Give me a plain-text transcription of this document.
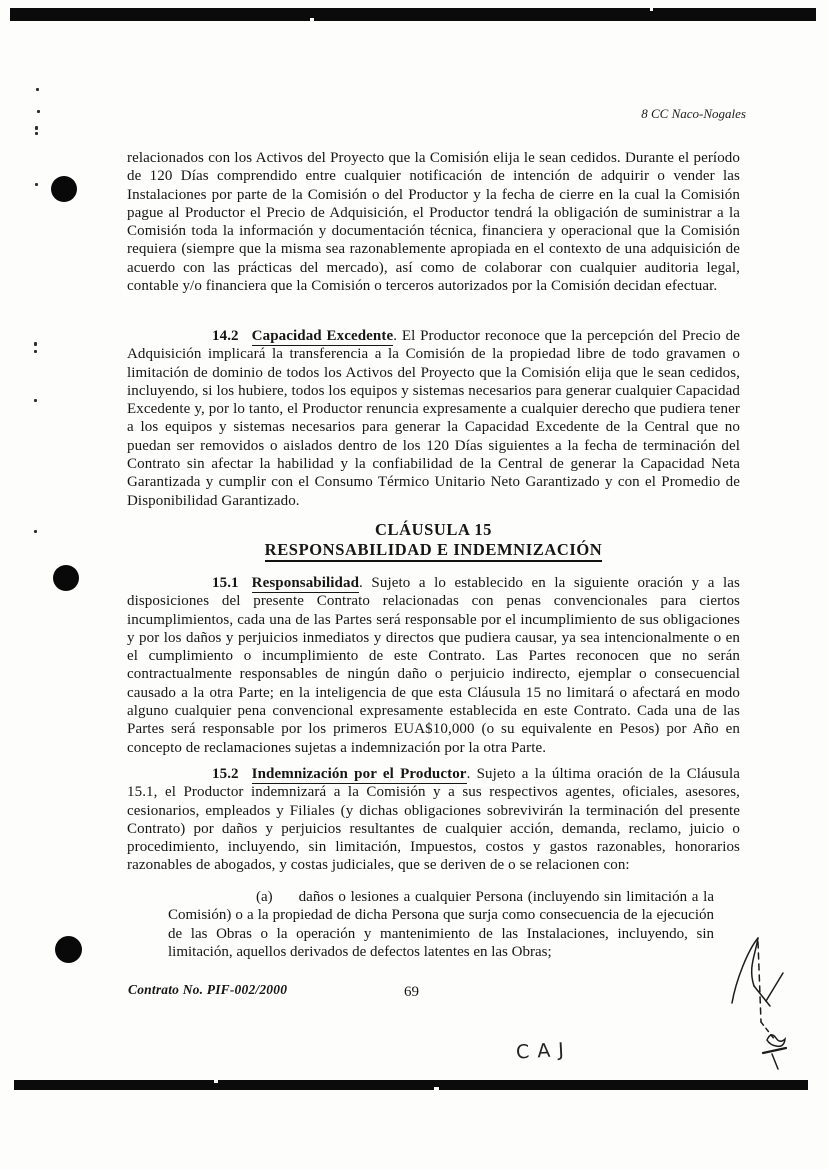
8 CC Naco-Nogales
relacionados con los Activos del Proyecto que la Comisión elija le sean cedidos. Durante el período de 120 Días comprendido entre cualquier notificación de intención de adquirir o vender las Instalaciones por parte de la Comisión o del Productor y la fecha de cierre en la cual la Comisión pague al Productor el Precio de Adquisición, el Productor tendrá la obligación de suministrar a la Comisión toda la información y documentación técnica, financiera y operacional que la Comisión requiera (siempre que la misma sea razonablemente apropiada en el contexto de una adquisición de acuerdo con las prácticas del mercado), así como de colaborar con cualquier auditoria legal, contable y/o financiera que la Comisión o terceros autorizados por la Comisión decidan efectuar.
14.2 Capacidad Excedente. El Productor reconoce que la percepción del Precio de Adquisición implicará la transferencia a la Comisión de la propiedad libre de todo gravamen o limitación de dominio de todos los Activos del Proyecto que la Comisión elija que le sean cedidos, incluyendo, si los hubiere, todos los equipos y sistemas necesarios para generar cualquier Capacidad Excedente y, por lo tanto, el Productor renuncia expresamente a cualquier derecho que pudiera tener a los equipos y sistemas necesarios para generar la Capacidad Excedente de la Central que no puedan ser removidos o aislados dentro de los 120 Días siguientes a la fecha de terminación del Contrato sin afectar la habilidad y la confiabilidad de la Central de generar la Capacidad Neta Garantizada y cumplir con el Consumo Térmico Unitario Neto Garantizado y con el Promedio de Disponibilidad Garantizado.
CLÁUSULA 15
RESPONSABILIDAD E INDEMNIZACIÓN
15.1 Responsabilidad. Sujeto a lo establecido en la siguiente oración y a las disposiciones del presente Contrato relacionadas con penas convencionales para ciertos incumplimientos, cada una de las Partes será responsable por el incumplimiento de sus obligaciones y por los daños y perjuicios inmediatos y directos que pudiera causar, ya sea intencionalmente o en el cumplimiento o incumplimiento de este Contrato. Las Partes reconocen que no serán contractualmente responsables de ningún daño o perjuicio indirecto, ejemplar o consecuencial causado a la otra Parte; en la inteligencia de que esta Cláusula 15 no limitará o afectará en modo alguno cualquier pena convencional expresamente establecida en este Contrato. Cada una de las Partes será responsable por los primeros EUA$10,000 (o su equivalente en Pesos) por Año en concepto de reclamaciones sujetas a indemnización por la otra Parte.
15.2 Indemnización por el Productor. Sujeto a la última oración de la Cláusula 15.1, el Productor indemnizará a la Comisión y a sus respectivos agentes, oficiales, asesores, cesionarios, empleados y Filiales (y dichas obligaciones sobrevivirán la terminación del presente Contrato) por daños y perjuicios resultantes de cualquier acción, demanda, reclamo, juicio o procedimiento, incluyendo, sin limitación, Impuestos, costos y gastos razonables, honorarios razonables de abogados, y costas judiciales, que se deriven de o se relacionen con:
(a) daños o lesiones a cualquier Persona (incluyendo sin limitación a la Comisión) o a la propiedad de dicha Persona que surja como consecuencia de la ejecución de las Obras o la operación y mantenimiento de las Instalaciones, incluyendo, sin limitación, aquellos derivados de defectos latentes en las Obras;
Contrato No. PIF-002/2000	69
CAJ
